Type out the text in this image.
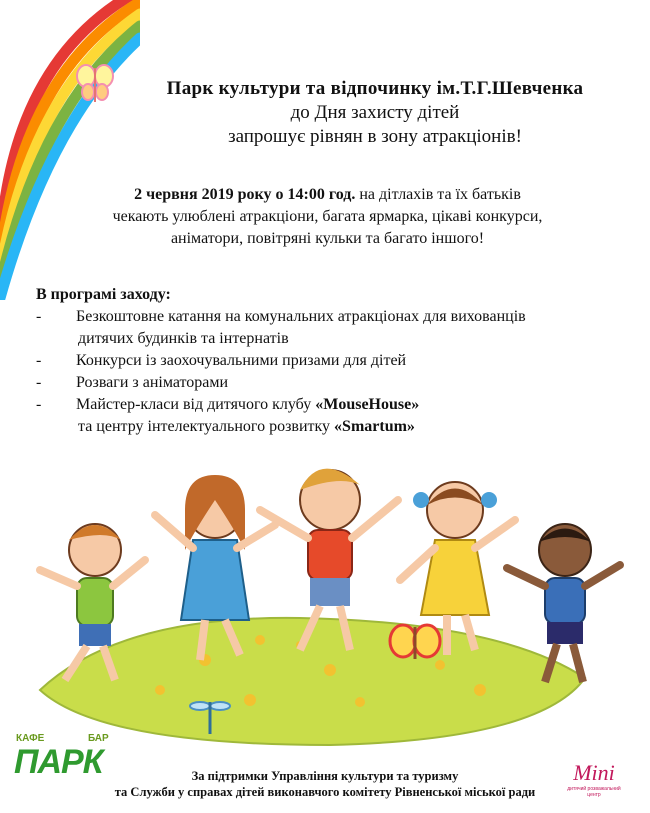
Парк культури та відпочинку ім.Т.Г.Шевченка
до Дня захисту дітей
запрошує рівнян в зону атракціонів!
2 червня 2019 року о 14:00 год. на дітлахів та їх батьків
чекають улюблені атракціони, багата ярмарка, цікаві конкурси,
аніматори, повітряні кульки та багато іншого!
В програмі заходу:
-	Безкоштовне катання на комунальних атракціонах для вихованців
дитячих будинків та інтернатів
-	Конкурси із заохочувальними призами для дітей
-	Розваги з аніматорами
-	Майстер-класи від дитячого клубу «MouseHouse»
та центру інтелектуального розвитку «Smartum»
КАФЕ	БАР
ПАРК	Mini
дитячий розважальний центр
За підтримки Управління культури та туризму
та Служби у справах дітей виконавчого комітету Рівненської міської ради
